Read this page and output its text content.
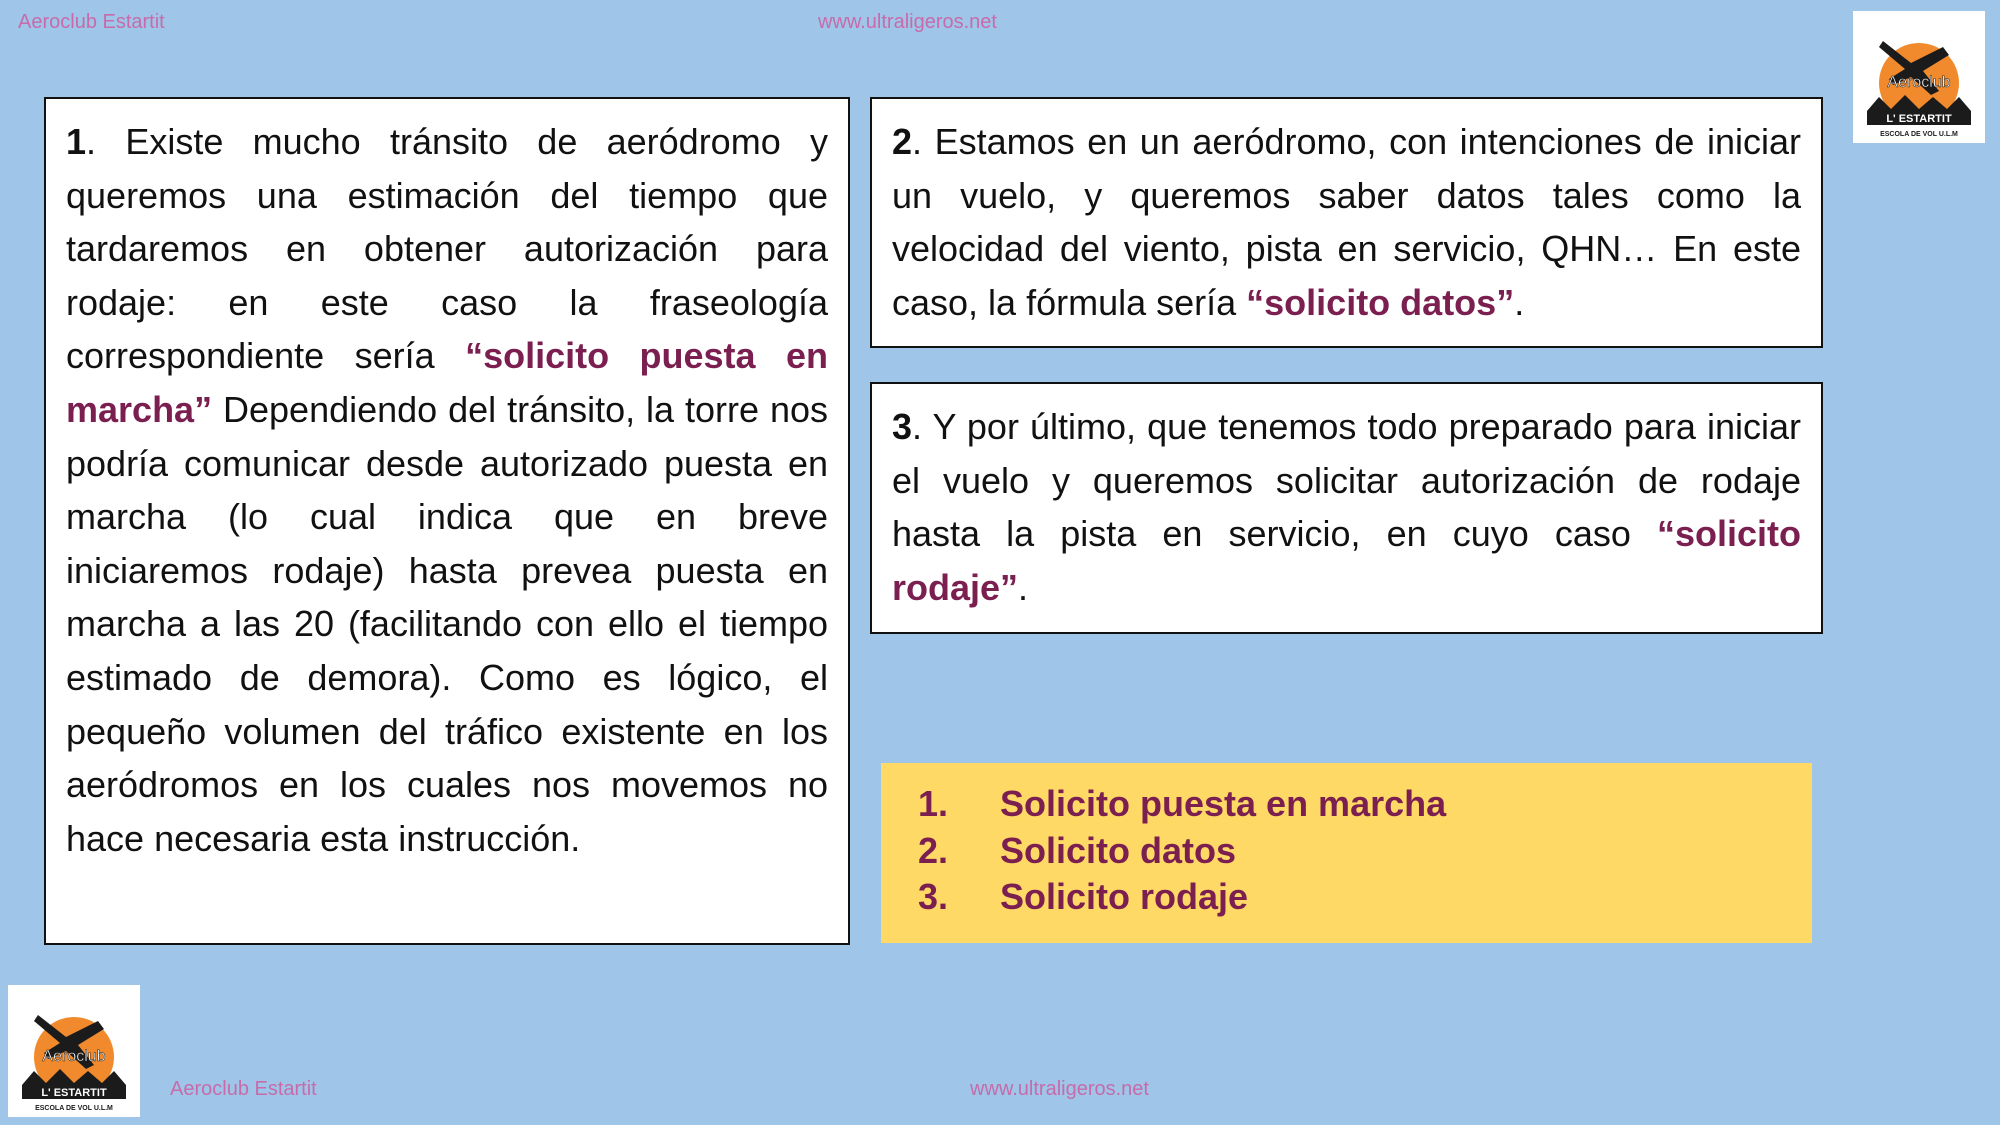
Aeroclub Estartit	www.ultraligeros.net
Aeroclub
L' ESTARTIT
ESCOLA DE VOL U.L.M
1. Existe mucho tránsito de aeródromo y queremos una estimación del tiempo que tardaremos en obtener autorización para rodaje: en este caso la fraseología correspondiente sería “solicito puesta en marcha” Dependiendo del tránsito, la torre nos podría comunicar desde autorizado puesta en marcha (lo cual indica que en breve iniciaremos rodaje) hasta prevea puesta en marcha a las 20 (facilitando con ello el tiempo estimado de demora). Como es lógico, el pequeño volumen del tráfico existente en los aeródromos en los cuales nos movemos no hace necesaria esta instrucción.
2. Estamos en un aeródromo, con intenciones de iniciar un vuelo, y queremos saber datos tales como la velocidad del viento, pista en servicio, QHN… En este caso, la fórmula sería “solicito datos”.
3. Y por último, que tenemos todo preparado para iniciar el vuelo y queremos solicitar autorización de rodaje hasta la pista en servicio, en cuyo caso “solicito rodaje”.
1.	Solicito puesta en marcha
2.	Solicito datos
3.	Solicito rodaje
Aeroclub
L' ESTARTIT
ESCOLA DE VOL U.L.M
Aeroclub Estartit	www.ultraligeros.net
